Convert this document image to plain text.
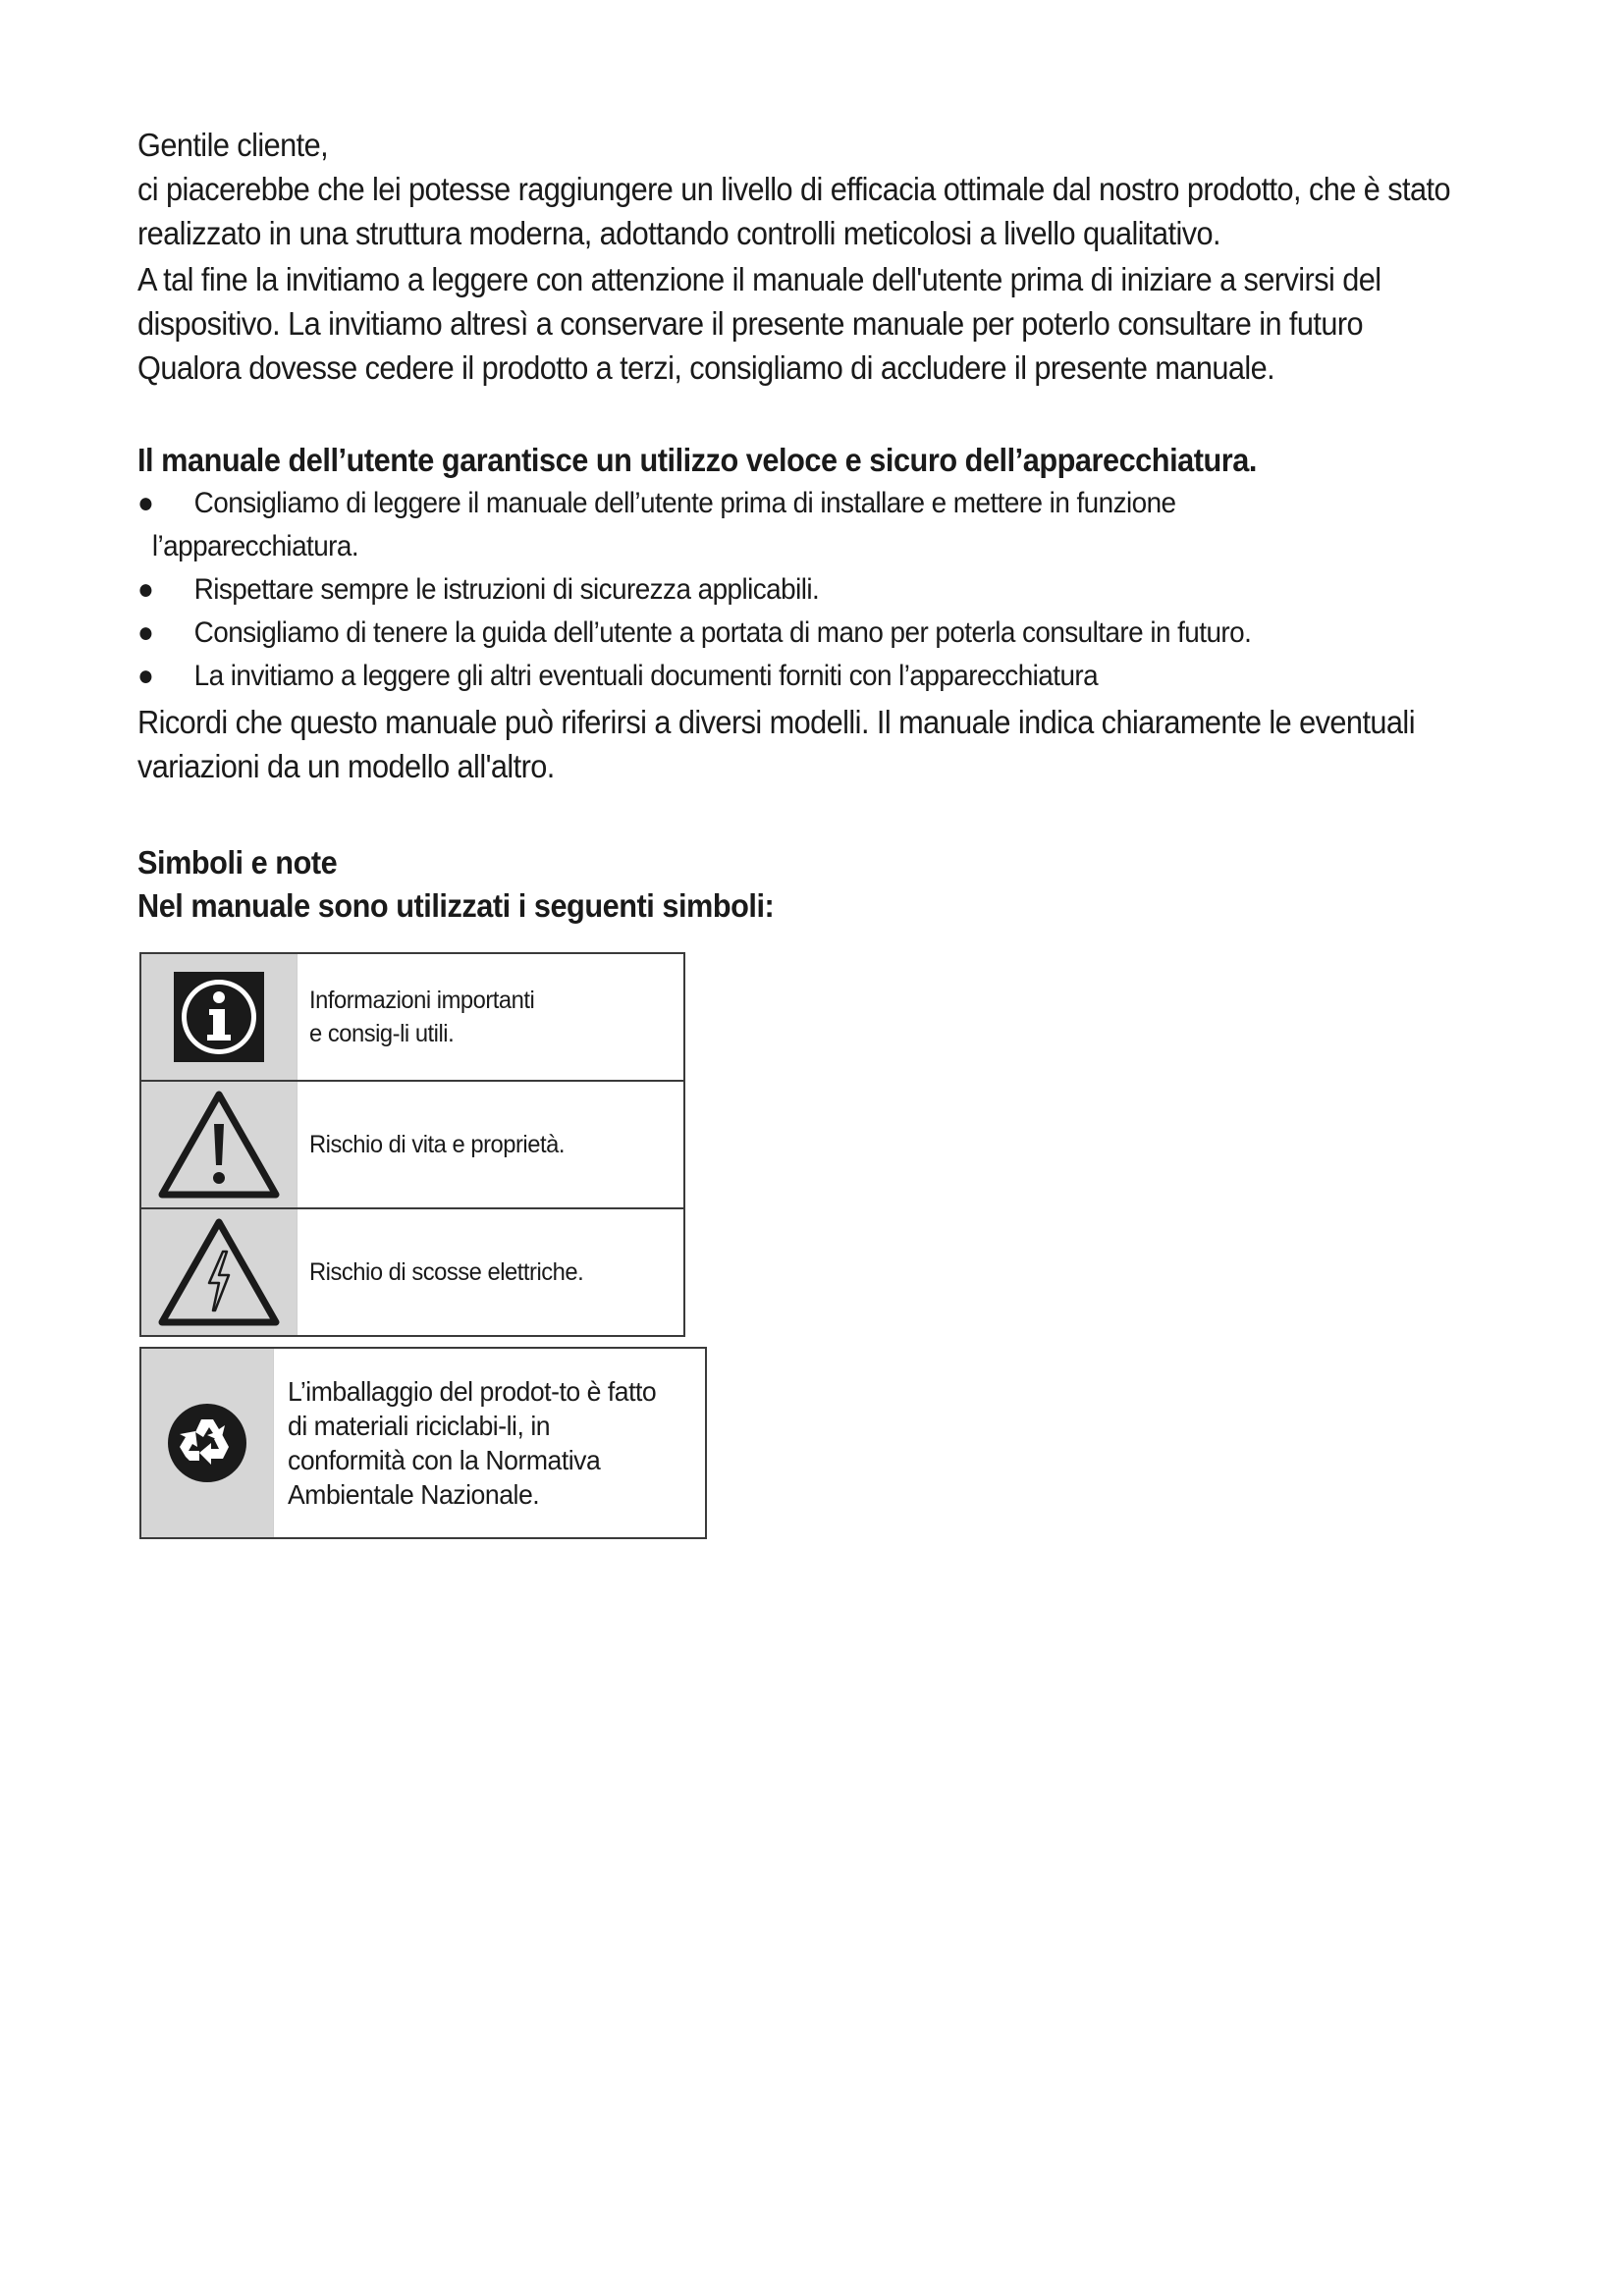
Gentile cliente,

ci piacerebbe che lei potesse raggiungere un livello di efficacia ottimale dal nostro prodotto, che è stato

realizzato in una struttura moderna, adottando controlli meticolosi a livello qualitativo.

A tal fine la invitiamo a leggere con attenzione il manuale dell'utente prima di iniziare a servirsi del

dispositivo. La invitiamo altresì a conservare il presente manuale per poterlo consultare in futuro

Qualora dovesse cedere il prodotto a terzi, consigliamo di accludere il presente manuale.

Il manuale dell’utente garantisce un utilizzo veloce e sicuro dell’apparecchiatura.

● Consigliamo di leggere il manuale dell’utente prima di installare e mettere in funzione
l’apparecchiatura.
● Rispettare sempre le istruzioni di sicurezza applicabili.
● Consigliamo di tenere la guida dell’utente a portata di mano per poterla consultare in futuro.
● La invitiamo a leggere gli altri eventuali documenti forniti con l’apparecchiatura

Ricordi che questo manuale può riferirsi a diversi modelli. Il manuale indica chiaramente le eventuali

variazioni da un modello all'altro.

Simboli e note

Nel manuale sono utilizzati i seguenti simboli:

Informazioni importanti e consig-li utili.
Rischio di vita e proprietà.
Rischio di scosse elettriche.
L’imballaggio del prodot-to è fatto di materiali riciclabi-li, in conformità con la Normativa Ambientale Nazionale.
